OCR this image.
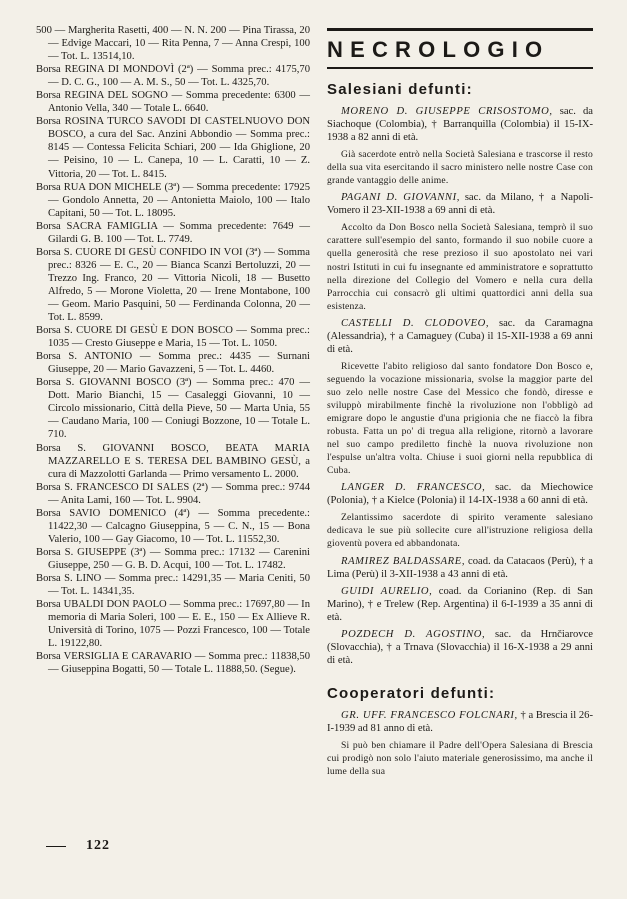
500 — Margherita Rasetti, 400 — N. N. 200 — Pina Tirassa, 20 — Edvige Maccari, 10 — Rita Penna, 7 — Anna Crespi, 100 — Tot. L. 13514,10.

Borsa REGINA DI MONDOVÌ (2ª) — Somma prec.: 4175,70 — D. C. G., 100 — A. M. S., 50 — Tot. L. 4325,70.

Borsa REGINA DEL SOGNO — Somma precedente: 6300 — Antonio Vella, 340 — Totale L. 6640.

Borsa ROSINA TURCO SAVODI DI CASTELNUOVO DON BOSCO, a cura del Sac. Anzini Abbondio — Somma prec.: 8145 — Contessa Felicita Schiari, 200 — Ida Ghiglione, 20 — Peisino, 10 — L. Canepa, 10 — L. Caratti, 10 — Z. Vittoria, 20 — Tot. L. 8415.

Borsa RUA DON MICHELE (3ª) — Somma precedente: 17925 — Gondolo Annetta, 20 — Antonietta Maiolo, 100 — Italo Capitani, 50 — Tot. L. 18095.

Borsa SACRA FAMIGLIA — Somma precedente: 7649 — Gilardi G. B. 100 — Tot. L. 7749.

Borsa S. CUORE DI GESÙ CONFIDO IN VOI (3ª) — Somma prec.: 8326 — E. C., 20 — Bianca Scanzi Bertoluzzi, 20 — Trezzo Ing. Franco, 20 — Vittoria Nicoli, 18 — Busetto Alfredo, 5 — Morone Violetta, 20 — Irene Montabone, 100 — Geom. Mario Pasquini, 50 — Ferdinanda Colonna, 20 — Tot. L. 8599.

Borsa S. CUORE DI GESÙ E DON BOSCO — Somma prec.: 1035 — Cresto Giuseppe e Maria, 15 — Tot. L. 1050.

Borsa S. ANTONIO — Somma prec.: 4435 — Surnani Giuseppe, 20 — Mario Gavazzeni, 5 — Tot. L. 4460.

Borsa S. GIOVANNI BOSCO (3ª) — Somma prec.: 470 — Dott. Mario Bianchi, 15 — Casaleggi Giovanni, 10 — Circolo missionario, Città della Pieve, 50 — Marta Unia, 55 — Caudano Maria, 100 — Coniugi Bozzone, 10 — Totale L. 710.

Borsa S. GIOVANNI BOSCO, BEATA MARIA MAZZARELLO E S. TERESA DEL BAMBINO GESÙ, a cura di Mazzolotti Garlanda — Primo versamento L. 2000.

Borsa S. FRANCESCO DI SALES (2ª) — Somma prec.: 9744 — Anita Lami, 160 — Tot. L. 9904.

Borsa SAVIO DOMENICO (4ª) — Somma precedente.: 11422,30 — Calcagno Giuseppina, 5 — C. N., 15 — Bona Valerio, 100 — Gay Giacomo, 10 — Tot. L. 11552,30.

Borsa S. GIUSEPPE (3ª) — Somma prec.: 17132 — Carenini Giuseppe, 250 — G. B. D. Acqui, 100 — Tot. L. 17482.

Borsa S. LINO — Somma prec.: 14291,35 — Maria Ceniti, 50 — Tot. L. 14341,35.

Borsa UBALDI DON PAOLO — Somma prec.: 17697,80 — In memoria di Maria Soleri, 100 — E. E., 150 — Ex Allieve R. Università di Torino, 1075 — Pozzi Francesco, 100 — Totale L. 19122,80.

Borsa VERSIGLIA E CARAVARIO — Somma prec.: 11838,50 — Giuseppina Bogatti, 50 — Totale L. 11888,50. (Segue).

NECROLOGIO
Salesiani defunti:

MORENO D. GIUSEPPE CRISOSTOMO, sac. da Siachoque (Colombia), † Barranquilla (Colombia) il 15-IX-1938 a 82 anni di età.

Già sacerdote entrò nella Società Salesiana e trascorse il resto della sua vita esercitando il sacro ministero nelle nostre Case con grande vantaggio delle anime.

PAGANI D. GIOVANNI, sac. da Milano, † a Napoli-Vomero il 23-XII-1938 a 69 anni di età.

Accolto da Don Bosco nella Società Salesiana, temprò il suo carattere sull'esempio del santo, formando il suo nobile cuore a quella generosità che rese prezioso il suo apostolato nei vari nostri Istituti in cui fu insegnante ed amministratore e soprattutto nella direzione del Collegio del Vomero e nella cura della Parrocchia cui consacrò gli ultimi quattordici anni della sua esistenza.

CASTELLI D. CLODOVEO, sac. da Caramagna (Alessandria), † a Camaguey (Cuba) il 15-XII-1938 a 69 anni di età.

Ricevette l'abito religioso dal santo fondatore Don Bosco e, seguendo la vocazione missionaria, svolse la maggior parte del suo zelo nelle nostre Case del Messico che fondò, diresse e sviluppò mirabilmente finchè la rivoluzione non l'obbligò ad emigrare dopo le angustie d'una prigionia che ne fiaccò la fibra robusta. Fatta un po' di tregua alla religione, ritornò a lavorare nel suo campo prediletto finchè la nuova rivoluzione non l'espulse un'altra volta. Chiuse i suoi giorni nella repubblica di Cuba.

LANGER D. FRANCESCO, sac. da Miechowice (Polonia), † a Kielce (Polonia) il 14-IX-1938 a 60 anni di età.

Zelantissimo sacerdote di spirito veramente salesiano dedicava le sue più sollecite cure all'istruzione religiosa della gioventù povera ed abbandonata.

RAMIREZ BALDASSARE, coad. da Catacaos (Perù), † a Lima (Perù) il 3-XII-1938 a 43 anni di età.

GUIDI AURELIO, coad. da Corianino (Rep. di San Marino), † e Trelew (Rep. Argentina) il 6-I-1939 a 35 anni di età.

POZDECH D. AGOSTINO, sac. da Hrnčiarovce (Slovacchia), † a Trnava (Slovacchia) il 16-X-1938 a 29 anni di età.

Cooperatori defunti:

GR. UFF. FRANCESCO FOLCNARI, † a Brescia il 26-I-1939 ad 81 anno di età.

Si può ben chiamare il Padre dell'Opera Salesiana di Brescia cui prodigò non solo l'aiuto materiale generosissimo, ma anche il lume della sua

122
